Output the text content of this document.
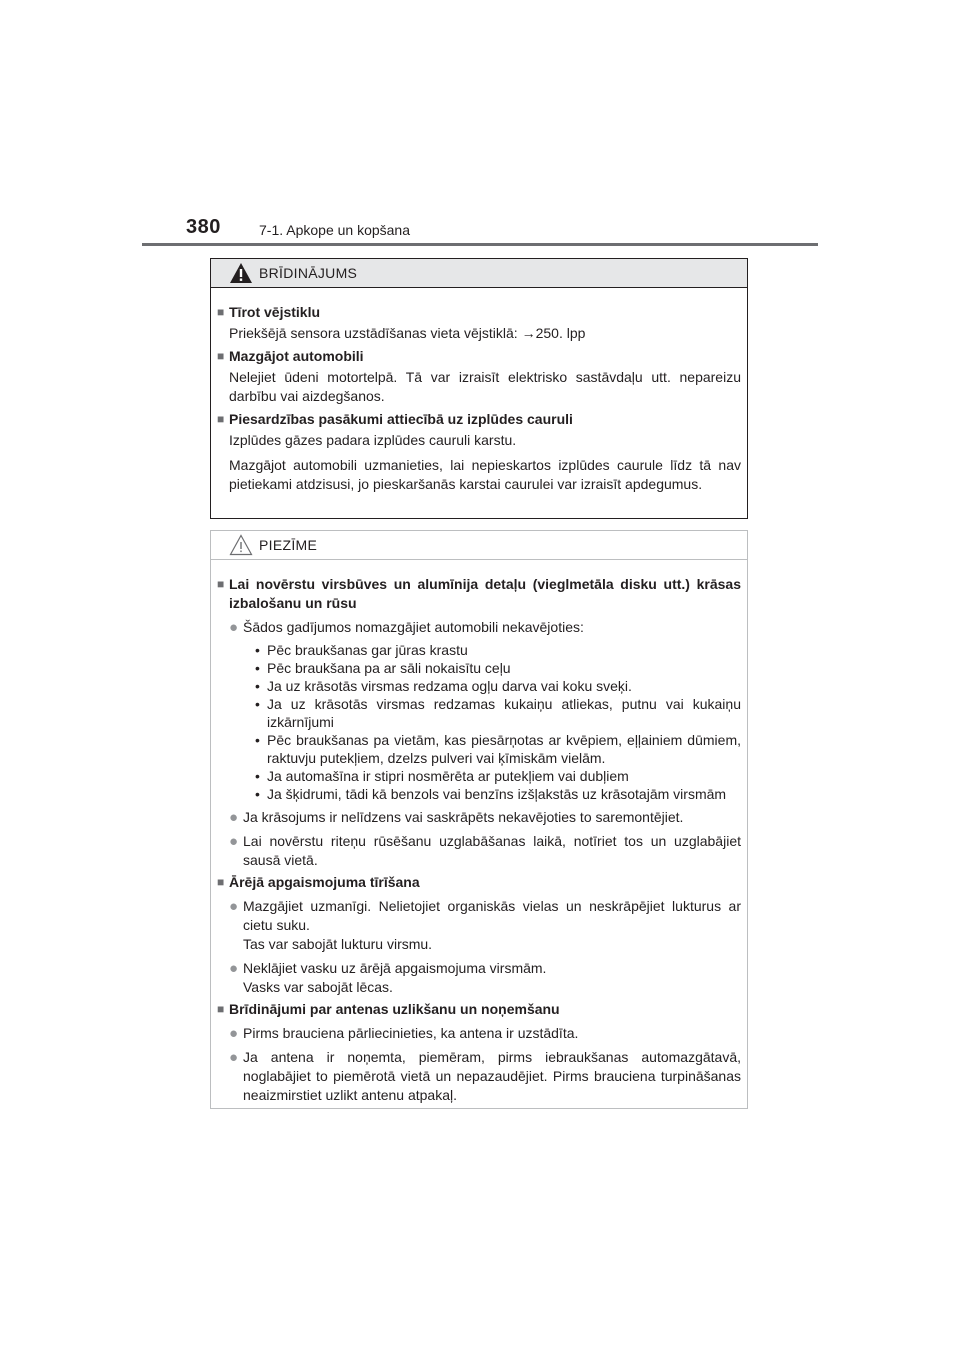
380	7-1. Apkope un kopšana
BRĪDINĀJUMS
■ Tīrot vējstiklu
Priekšējā sensora uzstādīšanas vieta vējstiklā: →250. lpp
■ Mazgājot automobili
Nelejiet ūdeni motortelpā. Tā var izraisīt elektrisko sastāvdaļu utt. nepareizu darbību vai aizdegšanos.
■ Piesardzības pasākumi attiecībā uz izplūdes cauruli
Izplūdes gāzes padara izplūdes cauruli karstu.
Mazgājot automobili uzmanieties, lai nepieskartos izplūdes caurule līdz tā nav pietiekami atdzisusi, jo pieskaršanās karstai caurulei var izraisīt apdegumus.
PIEZĪME
■ Lai novērstu virsbūves un alumīnija detaļu (vieglmetāla disku utt.) krāsas izbalošanu un rūsu
● Šādos gadījumos nomazgājiet automobili nekavējoties:
• Pēc braukšanas gar jūras krastu
• Pēc braukšana pa ar sāli nokaisītu ceļu
• Ja uz krāsotās virsmas redzama ogļu darva vai koku sveķi.
• Ja uz krāsotās virsmas redzamas kukaiņu atliekas, putnu vai kukaiņu izkārnījumi
• Pēc braukšanas pa vietām, kas piesārņotas ar kvēpiem, eļļainiem dūmiem, raktuvju putekļiem, dzelzs pulveri vai ķīmiskām vielām.
• Ja automašīna ir stipri nosmērēta ar putekļiem vai dubļiem
• Ja šķidrumi, tādi kā benzols vai benzīns izšļakstās uz krāsotajām virsmām
● Ja krāsojums ir nelīdzens vai saskrāpēts nekavējoties to saremontējiet.
● Lai novērstu riteņu rūsēšanu uzglabāšanas laikā, notīriet tos un uzglabājiet sausā vietā.
■ Ārējā apgaismojuma tīrīšana
● Mazgājiet uzmanīgi. Nelietojiet organiskās vielas un neskrāpējiet lukturus ar cietu suku.
Tas var sabojāt lukturu virsmu.
● Neklājiet vasku uz ārējā apgaismojuma virsmām.
Vasks var sabojāt lēcas.
■ Brīdinājumi par antenas uzlikšanu un noņemšanu
● Pirms brauciena pārliecinieties, ka antena ir uzstādīta.
● Ja antena ir noņemta, piemēram, pirms iebraukšanas automazgātavā, noglabājiet to piemērotā vietā un nepazaudējiet. Pirms brauciena turpināšanas neaizmirstiet uzlikt antenu atpakaļ.
